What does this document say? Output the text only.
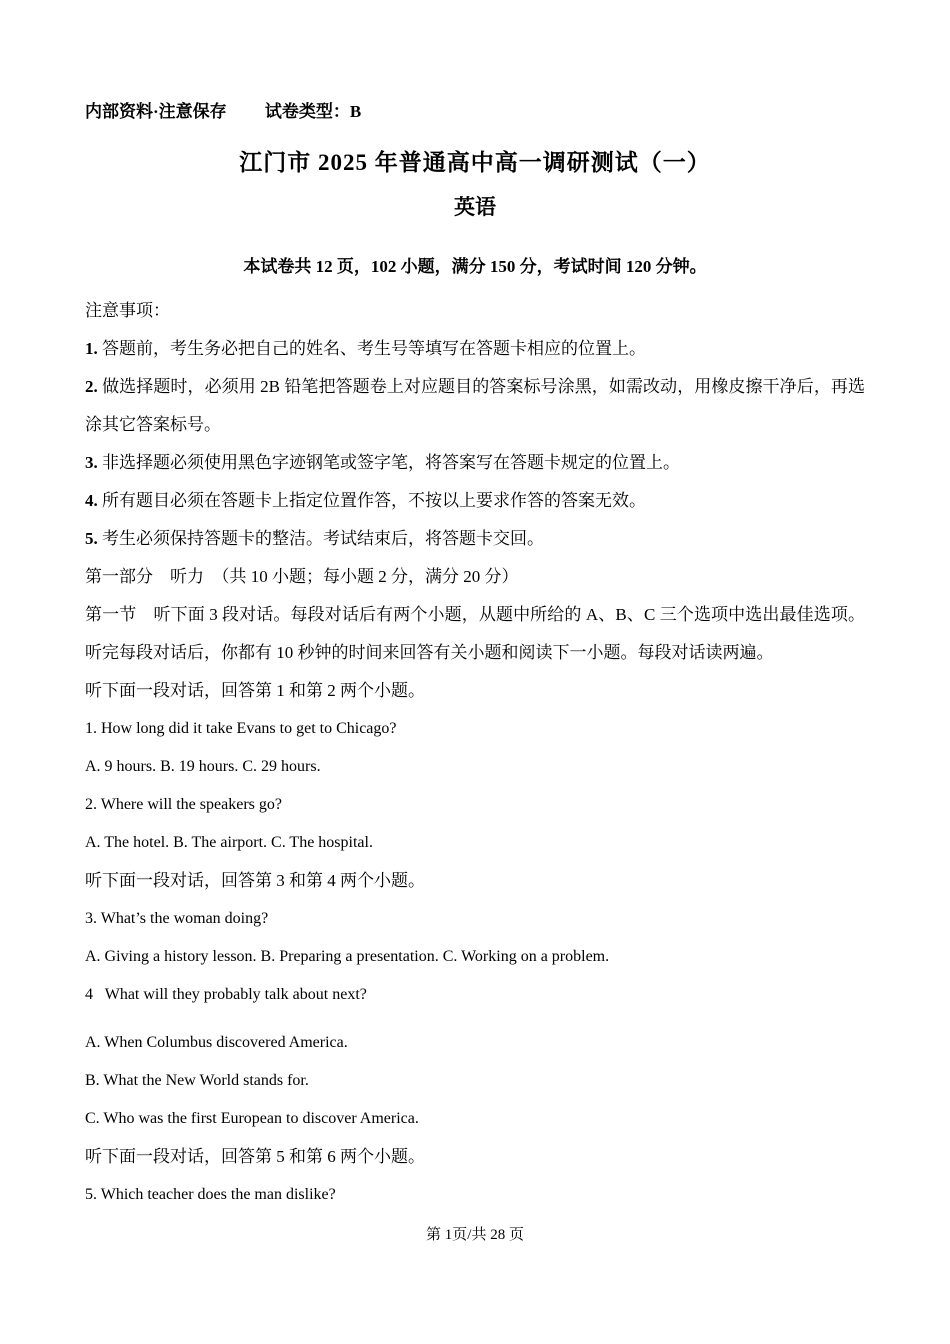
内部资料·注意保存 试卷类型：B
江门市 2025 年普通高中高一调研测试（一）
英语
本试卷共 12 页，102 小题，满分 150 分，考试时间 120 分钟。
注意事项：
1. 答题前，考生务必把自己的姓名、考生号等填写在答题卡相应的位置上。
2. 做选择题时，必须用 2B 铅笔把答题卷上对应题目的答案标号涂黑，如需改动，用橡皮擦干净后，再选涂其它答案标号。
3. 非选择题必须使用黑色字迹钢笔或签字笔，将答案写在答题卡规定的位置上。
4. 所有题目必须在答题卡上指定位置作答，不按以上要求作答的答案无效。
5. 考生必须保持答题卡的整洁。考试结束后，将答题卡交回。
第一部分　听力　（共 10 小题；每小题 2 分，满分 20 分）
第一节　听下面 3 段对话。每段对话后有两个小题，从题中所给的 A、B、C 三个选项中选出最佳选项。听完每段对话后，你都有 10 秒钟的时间来回答有关小题和阅读下一小题。每段对话读两遍。
听下面一段对话，回答第 1 和第 2 两个小题。
1. How long did it take Evans to get to Chicago?
A. 9 hours. B. 19 hours. C. 29 hours.
2. Where will the speakers go?
A. The hotel. B. The airport. C. The hospital.
听下面一段对话，回答第 3 和第 4 两个小题。
3. What’s the woman doing?
A. Giving a history lesson. B. Preparing a presentation. C. Working on a problem.
4   What will they probably talk about next?
A. When Columbus discovered America.
B. What the New World stands for.
C. Who was the first European to discover America.
听下面一段对话，回答第 5 和第 6 两个小题。
5. Which teacher does the man dislike?
第 1页/共 28 页
